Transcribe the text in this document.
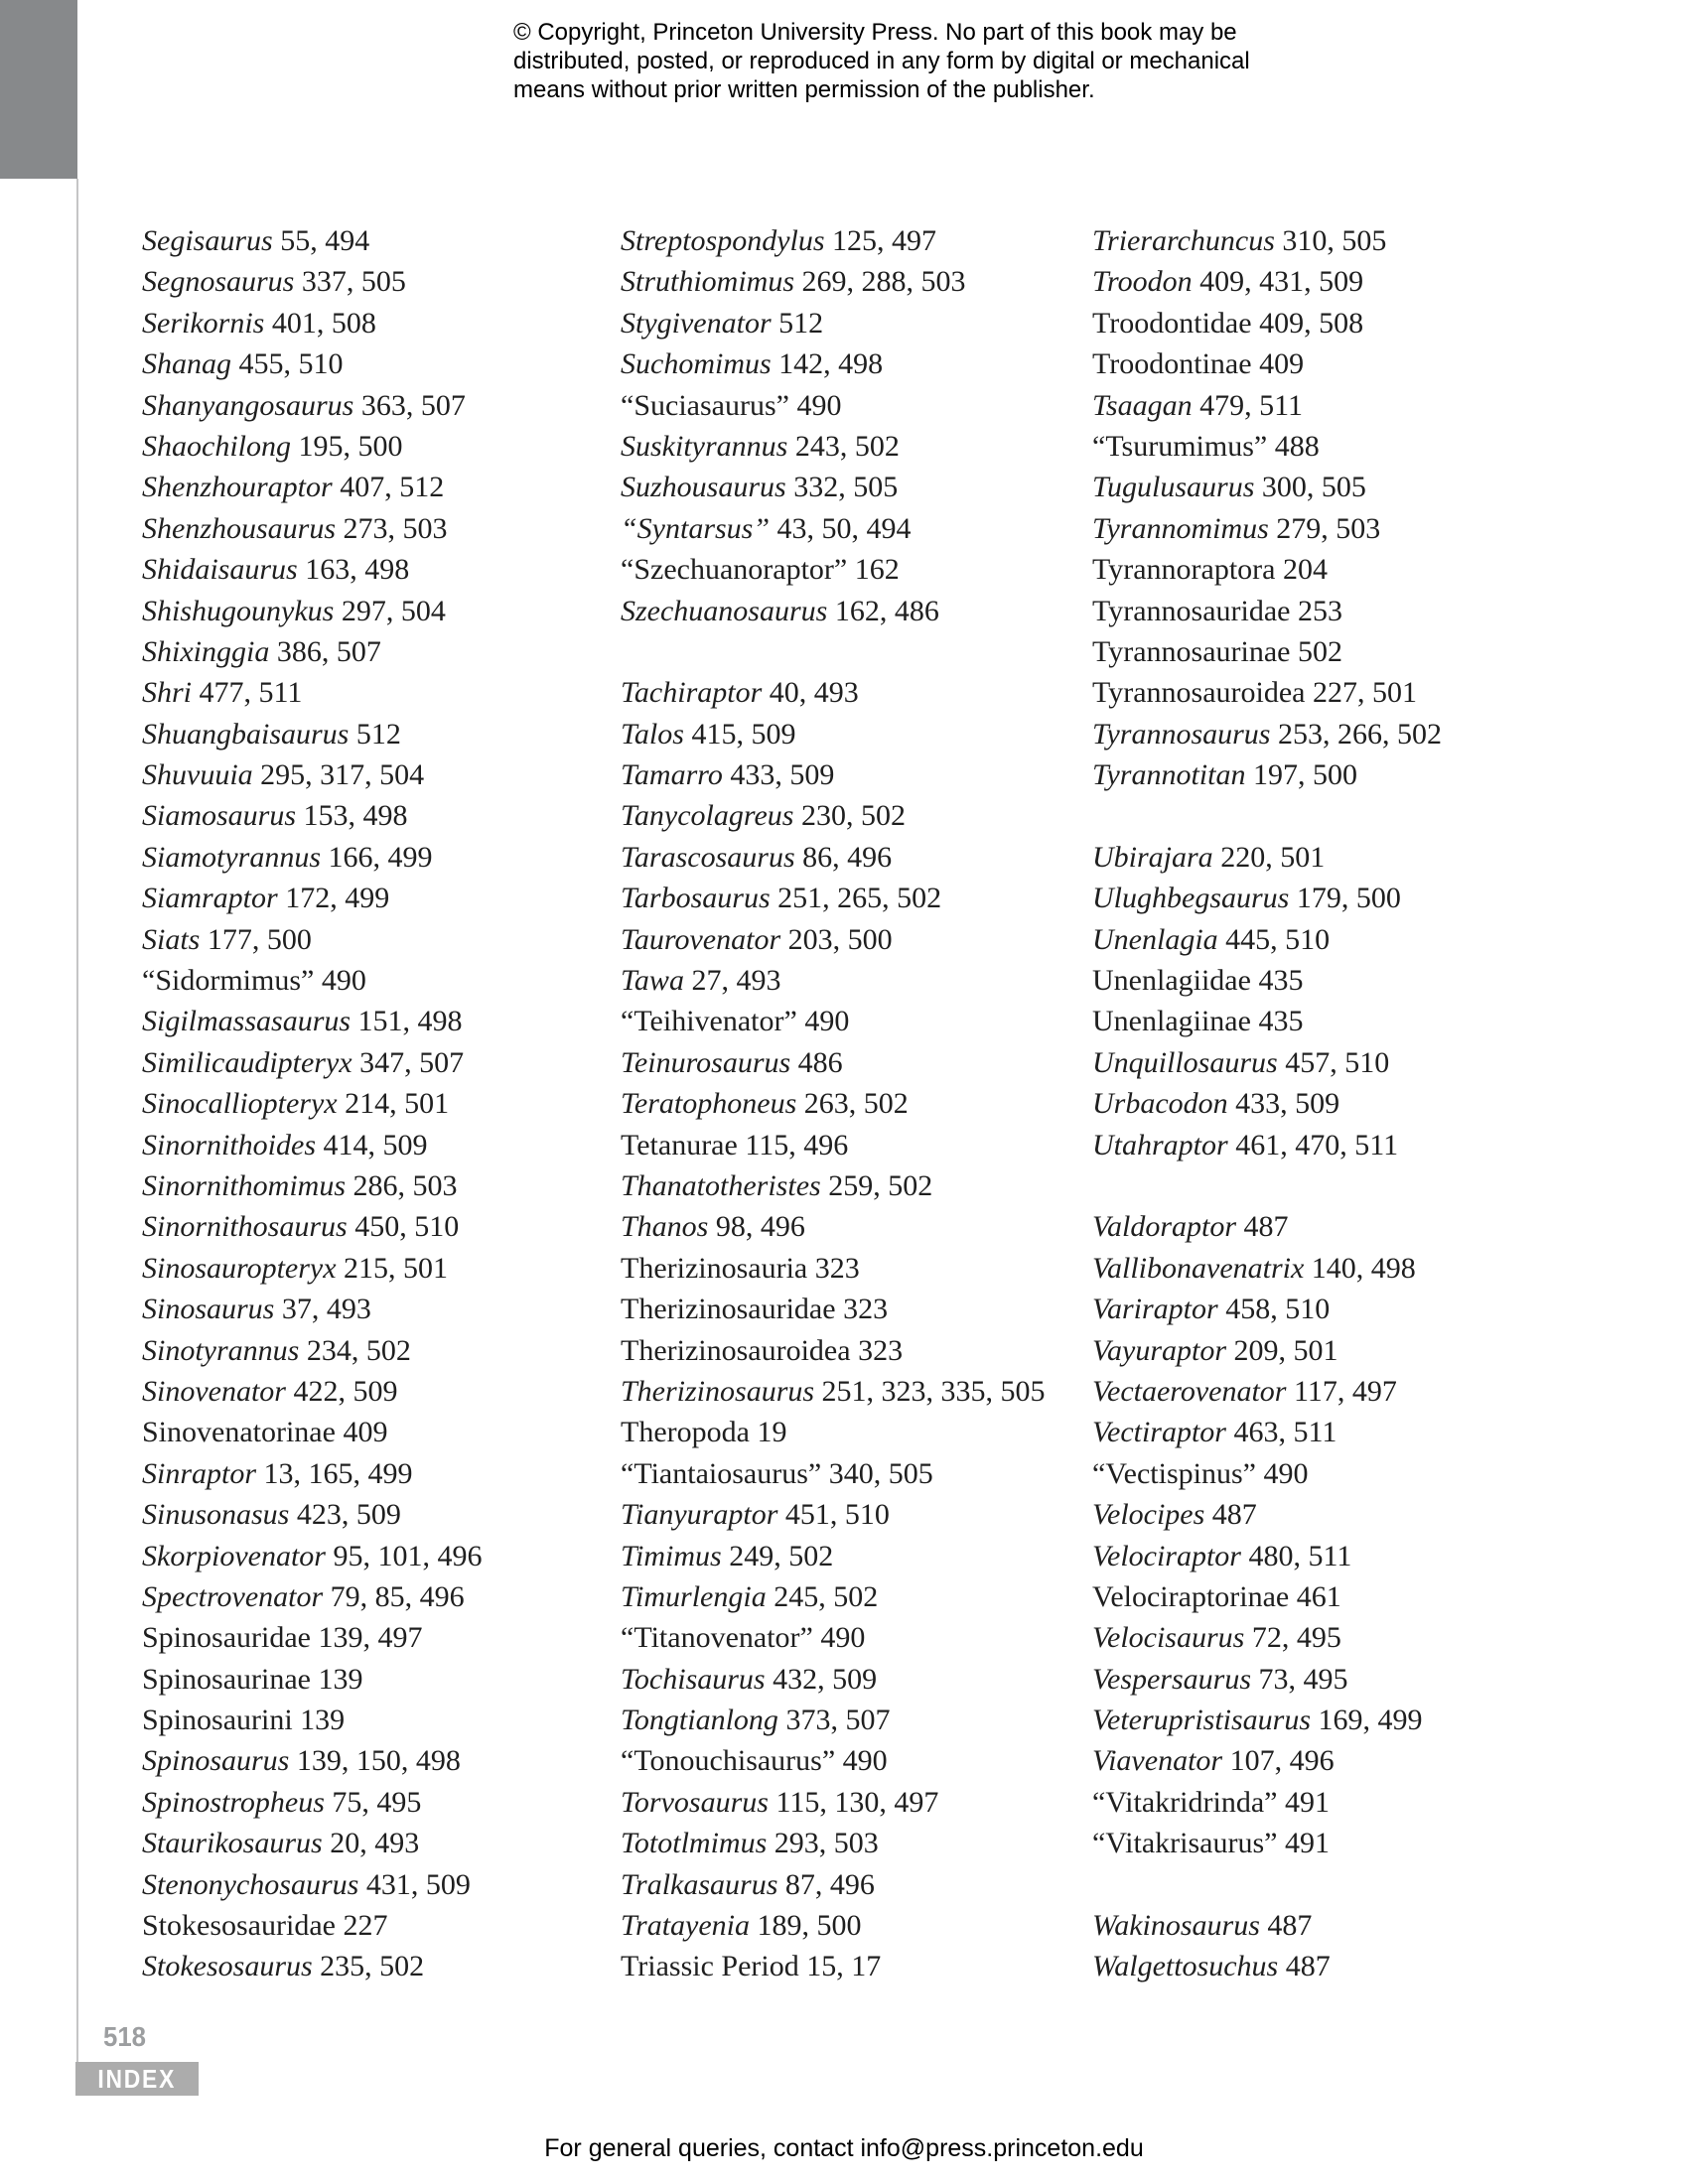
© Copyright, Princeton University Press. No part of this book may be
distributed, posted, or reproduced in any form by digital or mechanical
means without prior written permission of the publisher.
Segisaurus 55, 494
Segnosaurus 337, 505
Serikornis 401, 508
Shanag 455, 510
Shanyangosaurus 363, 507
Shaochilong 195, 500
Shenzhouraptor 407, 512
Shenzhousaurus 273, 503
Shidaisaurus 163, 498
Shishugounykus 297, 504
Shixinggia 386, 507
Shri 477, 511
Shuangbaisaurus 512
Shuvuuia 295, 317, 504
Siamosaurus 153, 498
Siamotyrannus 166, 499
Siamraptor 172, 499
Siats 177, 500
“Sidormimus” 490
Sigilmassasaurus 151, 498
Similicaudipteryx 347, 507
Sinocalliopteryx 214, 501
Sinornithoides 414, 509
Sinornithomimus 286, 503
Sinornithosaurus 450, 510
Sinosauropteryx 215, 501
Sinosaurus 37, 493
Sinotyrannus 234, 502
Sinovenator 422, 509
Sinovenatorinae 409
Sinraptor 13, 165, 499
Sinusonasus 423, 509
Skorpiovenator 95, 101, 496
Spectrovenator 79, 85, 496
Spinosauridae 139, 497
Spinosaurinae 139
Spinosaurini 139
Spinosaurus 139, 150, 498
Spinostropheus 75, 495
Staurikosaurus 20, 493
Stenonychosaurus 431, 509
Stokesosauridae 227
Stokesosaurus 235, 502
Streptospondylus 125, 497
Struthiomimus 269, 288, 503
Stygivenator 512
Suchomimus 142, 498
“Suciasaurus” 490
Suskityrannus 243, 502
Suzhousaurus 332, 505
“Syntarsus” 43, 50, 494
“Szechuanoraptor” 162
Szechuanosaurus 162, 486
Tachiraptor 40, 493
Talos 415, 509
Tamarro 433, 509
Tanycolagreus 230, 502
Tarascosaurus 86, 496
Tarbosaurus 251, 265, 502
Taurovenator 203, 500
Tawa 27, 493
“Teihivenator” 490
Teinurosaurus 486
Teratophoneus 263, 502
Tetanurae 115, 496
Thanatotheristes 259, 502
Thanos 98, 496
Therizinosauria 323
Therizinosauridae 323
Therizinosauroidea 323
Therizinosaurus 251, 323, 335, 505
Theropoda 19
“Tiantaiosaurus” 340, 505
Tianyuraptor 451, 510
Timimus 249, 502
Timurlengia 245, 502
“Titanovenator” 490
Tochisaurus 432, 509
Tongtianlong 373, 507
“Tonouchisaurus” 490
Torvosaurus 115, 130, 497
Tototlmimus 293, 503
Tralkasaurus 87, 496
Tratayenia 189, 500
Triassic Period 15, 17
Trierarchuncus 310, 505
Troodon 409, 431, 509
Troodontidae 409, 508
Troodontinae 409
Tsaagan 479, 511
“Tsurumimus” 488
Tugulusaurus 300, 505
Tyrannomimus 279, 503
Tyrannoraptora 204
Tyrannosauridae 253
Tyrannosaurinae 502
Tyrannosauroidea 227, 501
Tyrannosaurus 253, 266, 502
Tyrannotitan 197, 500
Ubirajara 220, 501
Ulughbegsaurus 179, 500
Unenlagia 445, 510
Unenlagiidae 435
Unenlagiinae 435
Unquillosaurus 457, 510
Urbacodon 433, 509
Utahraptor 461, 470, 511
Valdoraptor 487
Vallibonavenatrix 140, 498
Variraptor 458, 510
Vayuraptor 209, 501
Vectaerovenator 117, 497
Vectiraptor 463, 511
“Vectispinus” 490
Velocipes 487
Velociraptor 480, 511
Velociraptorinae 461
Velocisaurus 72, 495
Vespersaurus 73, 495
Veterupristisaurus 169, 499
Viavenator 107, 496
“Vitakridrinda” 491
“Vitakrisaurus” 491
Wakinosaurus 487
Walgettosuchus 487
518
INDEX
For general queries, contact info@press.princeton.edu
